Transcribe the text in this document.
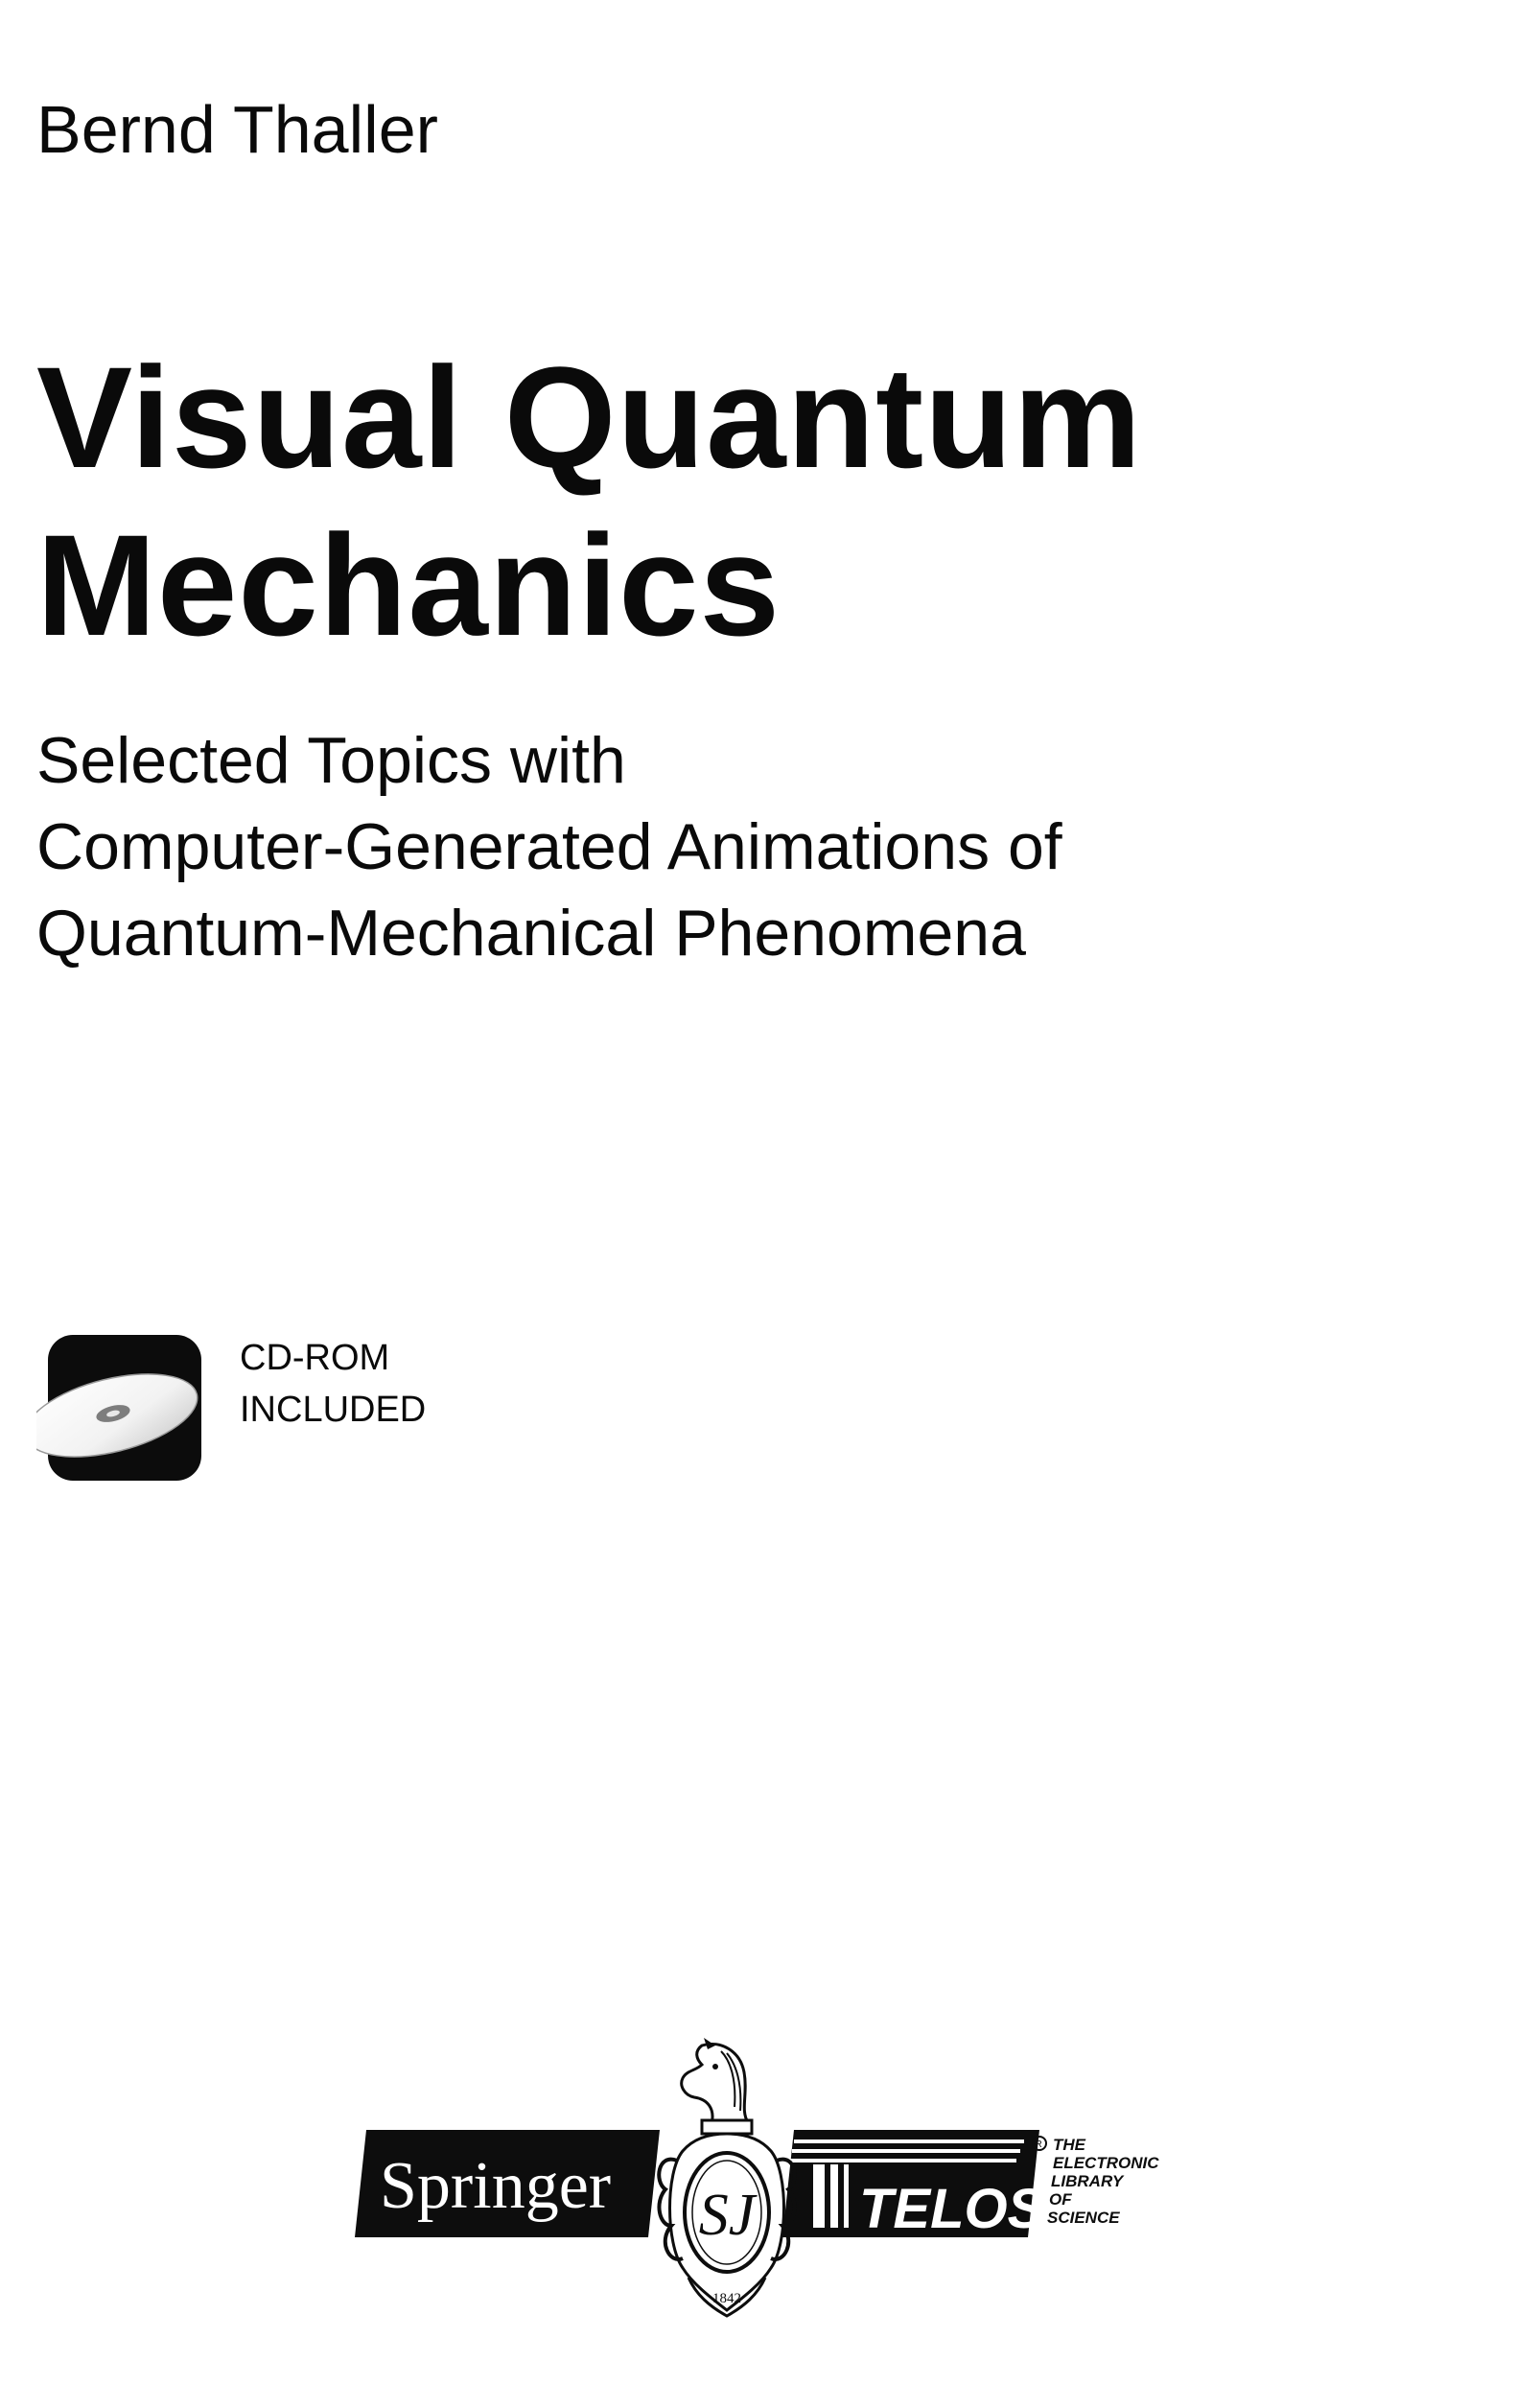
Bernd Thaller
Visual Quantum
Mechanics
Selected Topics with
Computer-Generated Animations of
Quantum-Mechanical Phenomena
CD-ROM
INCLUDED
Springer	TELOS
R THE
ELECTRONIC
LIBRARY
OF
SCIENCE
SJ
1842
